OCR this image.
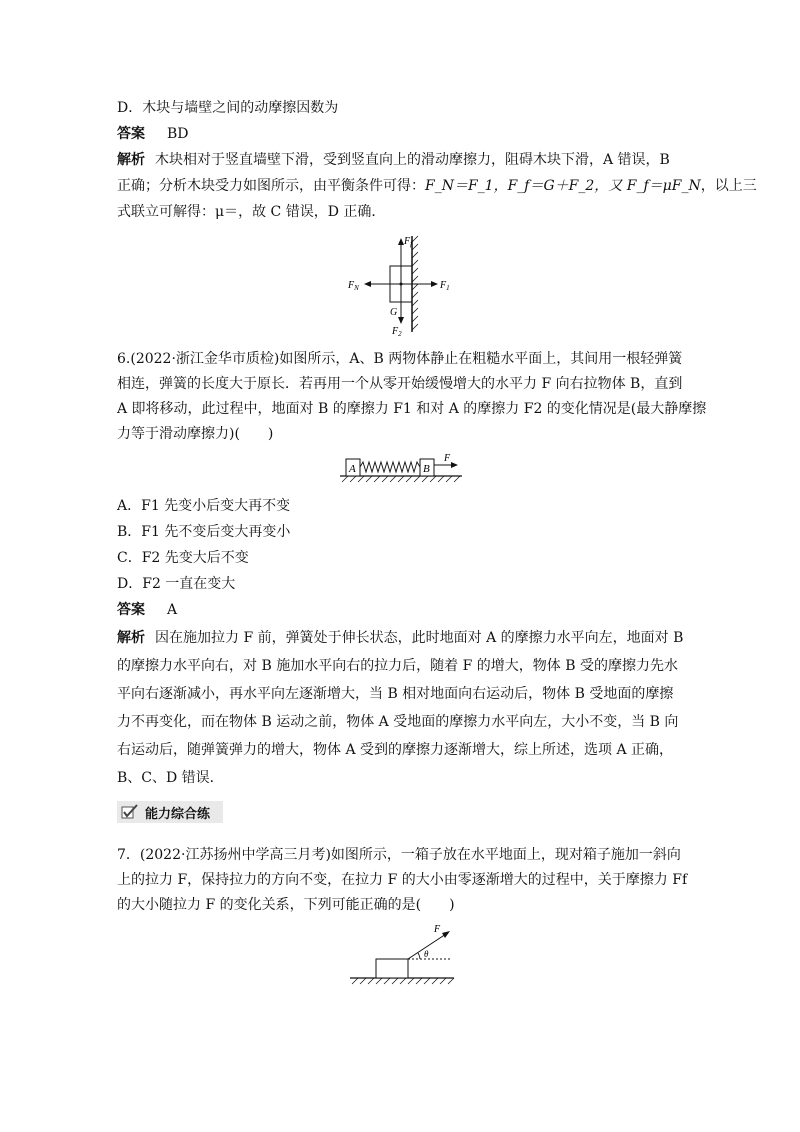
D．木块与墙壁之间的动摩擦因数为
答案 BD
解析 木块相对于竖直墙壁下滑，受到竖直向上的滑动摩擦力，阻碍木块下滑，A 错误，B
正确；分析木块受力如图所示，由平衡条件可得：F_N＝F_1，F_f＝G＋F_2，又 F_f＝μF_N，以上三
式联立可解得：μ＝，故 C 错误，D 正确．
$F_f$
$F_N$	$F_1$
G
$F_2$
6.(2022·浙江金华市质检)如图所示，A、B 两物体静止在粗糙水平面上，其间用一根轻弹簧
相连，弹簧的长度大于原长．若再用一个从零开始缓慢增大的水平力 F 向右拉物体 B，直到
A 即将移动，此过程中，地面对 B 的摩擦力 F1 和对 A 的摩擦力 F2 的变化情况是(最大静摩擦
力等于滑动摩擦力)(　　)
A	B
F
A．F1 先变小后变大再不变
B．F1 先不变后变大再变小
C．F2 先变大后不变
D．F2 一直在变大
答案 A
解析 因在施加拉力 F 前，弹簧处于伸长状态，此时地面对 A 的摩擦力水平向左，地面对 B
的摩擦力水平向右，对 B 施加水平向右的拉力后，随着 F 的增大，物体 B 受的摩擦力先水
平向右逐渐减小，再水平向左逐渐增大，当 B 相对地面向右运动后，物体 B 受地面的摩擦
力不再变化，而在物体 B 运动之前，物体 A 受地面的摩擦力水平向左，大小不变，当 B 向
右运动后，随弹簧弹力的增大，物体 A 受到的摩擦力逐渐增大，综上所述，选项 A 正确，
B、C、D 错误．
能力综合练
7．(2022·江苏扬州中学高三月考)如图所示，一箱子放在水平地面上，现对箱子施加一斜向
上的拉力 F，保持拉力的方向不变，在拉力 F 的大小由零逐渐增大的过程中，关于摩擦力 Ff
的大小随拉力 F 的变化关系，下列可能正确的是(　　)
F
θ
